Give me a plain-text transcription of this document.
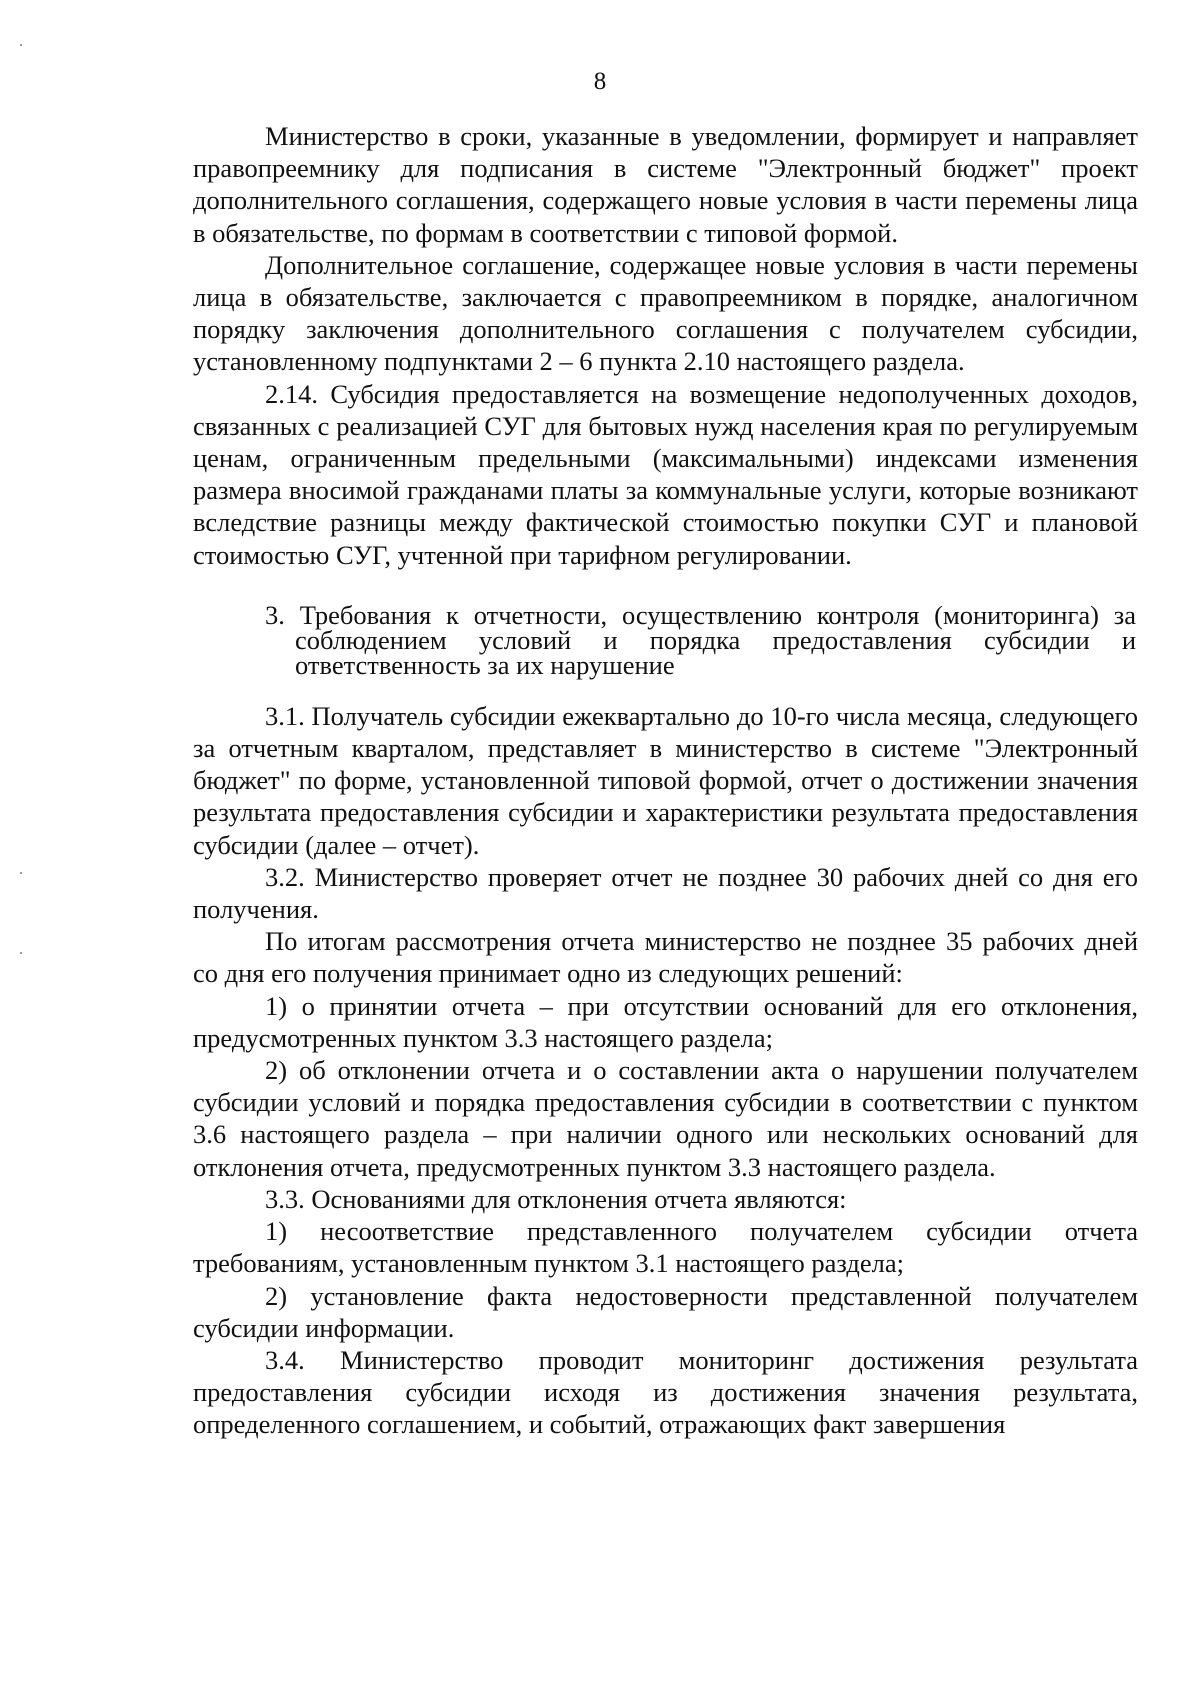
8

Министерство в сроки, указанные в уведомлении, формирует и направляет правопреемнику для подписания в системе "Электронный бюджет" проект дополнительного соглашения, содержащего новые условия в части перемены лица в обязательстве, по формам в соответствии с типовой формой.

Дополнительное соглашение, содержащее новые условия в части перемены лица в обязательстве, заключается с правопреемником в порядке, аналогичном порядку заключения дополнительного соглашения с получателем субсидии, установленному подпунктами 2 – 6 пункта 2.10 настоящего раздела.

2.14. Субсидия предоставляется на возмещение недополученных доходов, связанных с реализацией СУГ для бытовых нужд населения края по регулируемым ценам, ограниченным предельными (максимальными) индексами изменения размера вносимой гражданами платы за коммунальные услуги, которые возникают вследствие разницы между фактической стоимостью покупки СУГ и плановой стоимостью СУГ, учтенной при тарифном регулировании.

3. Требования к отчетности, осуществлению контроля (мониторинга) за соблюдением условий и порядка предоставления субсидии и ответственность за их нарушение

3.1. Получатель субсидии ежеквартально до 10-го числа месяца, следующего за отчетным кварталом, представляет в министерство в системе "Электронный бюджет" по форме, установленной типовой формой, отчет о достижении значения результата предоставления субсидии и характеристики результата предоставления субсидии (далее – отчет).

3.2. Министерство проверяет отчет не позднее 30 рабочих дней со дня его получения.

По итогам рассмотрения отчета министерство не позднее 35 рабочих дней со дня его получения принимает одно из следующих решений:

1) о принятии отчета – при отсутствии оснований для его отклонения, предусмотренных пунктом 3.3 настоящего раздела;

2) об отклонении отчета и о составлении акта о нарушении получателем субсидии условий и порядка предоставления субсидии в соответствии с пунктом 3.6 настоящего раздела – при наличии одного или нескольких оснований для отклонения отчета, предусмотренных пунктом 3.3 настоящего раздела.

3.3. Основаниями для отклонения отчета являются:

1) несоответствие представленного получателем субсидии отчета требованиям, установленным пунктом 3.1 настоящего раздела;

2) установление факта недостоверности представленной получателем субсидии информации.

3.4. Министерство проводит мониторинг достижения результата предоставления субсидии исходя из достижения значения результата, определенного соглашением, и событий, отражающих факт завершения
